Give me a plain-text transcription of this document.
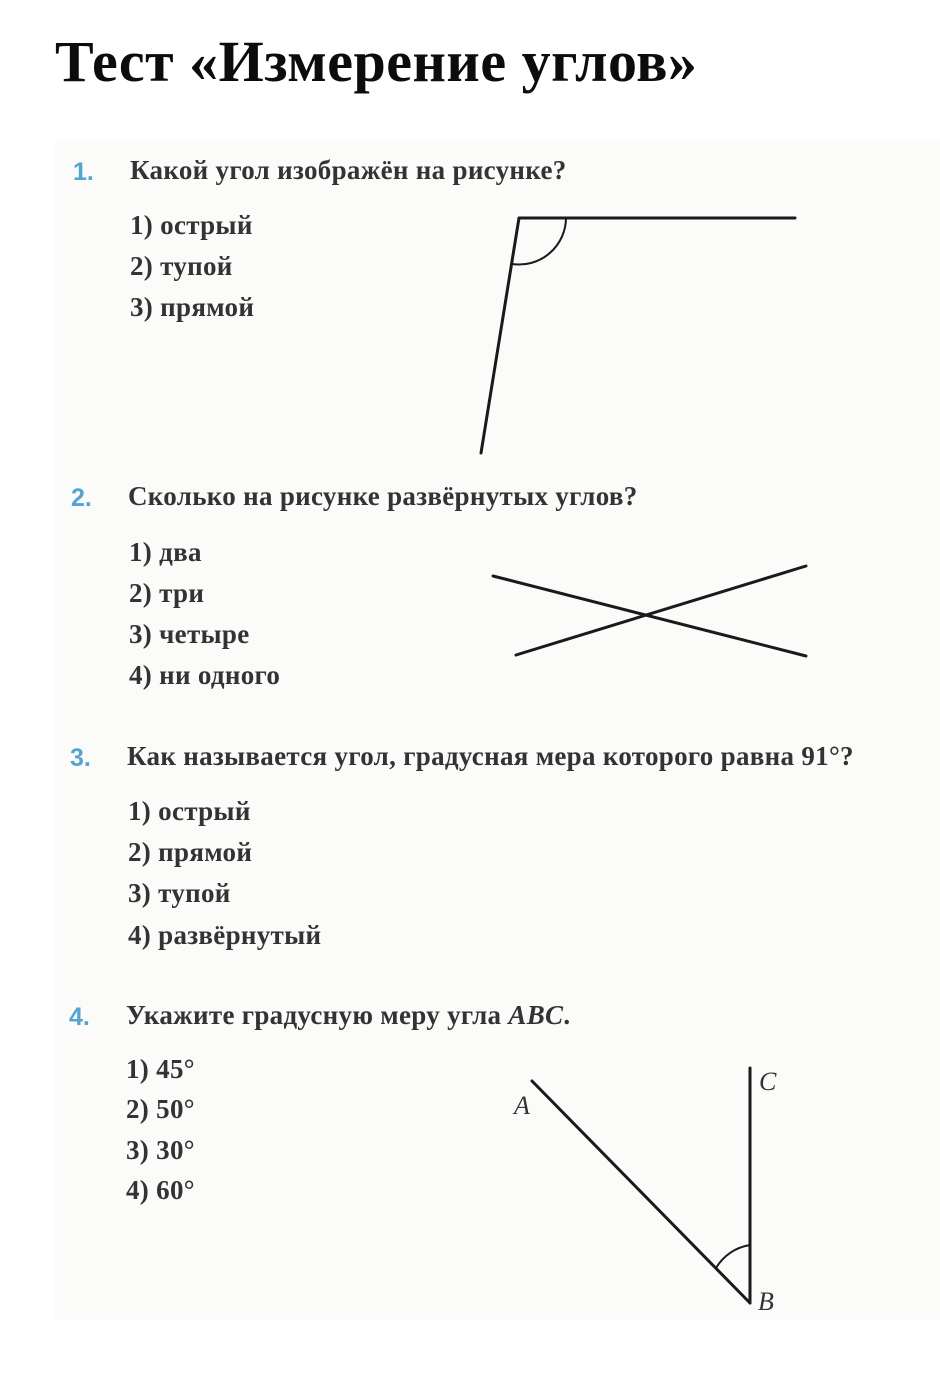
Тест «Измерение углов»
1. Какой угол изображён на рисунке?
1) острый
2) тупой
3) прямой
2. Сколько на рисунке развёрнутых углов?
1) два
2) три
3) четыре
4) ни одного
3. Как называется угол, градусная мера которого равна 91°?
1) острый
2) прямой
3) тупой
4) развёрнутый
4. Укажите градусную меру угла ABC.
1) 45°
2) 50°
3) 30°
4) 60°
A
C
B
